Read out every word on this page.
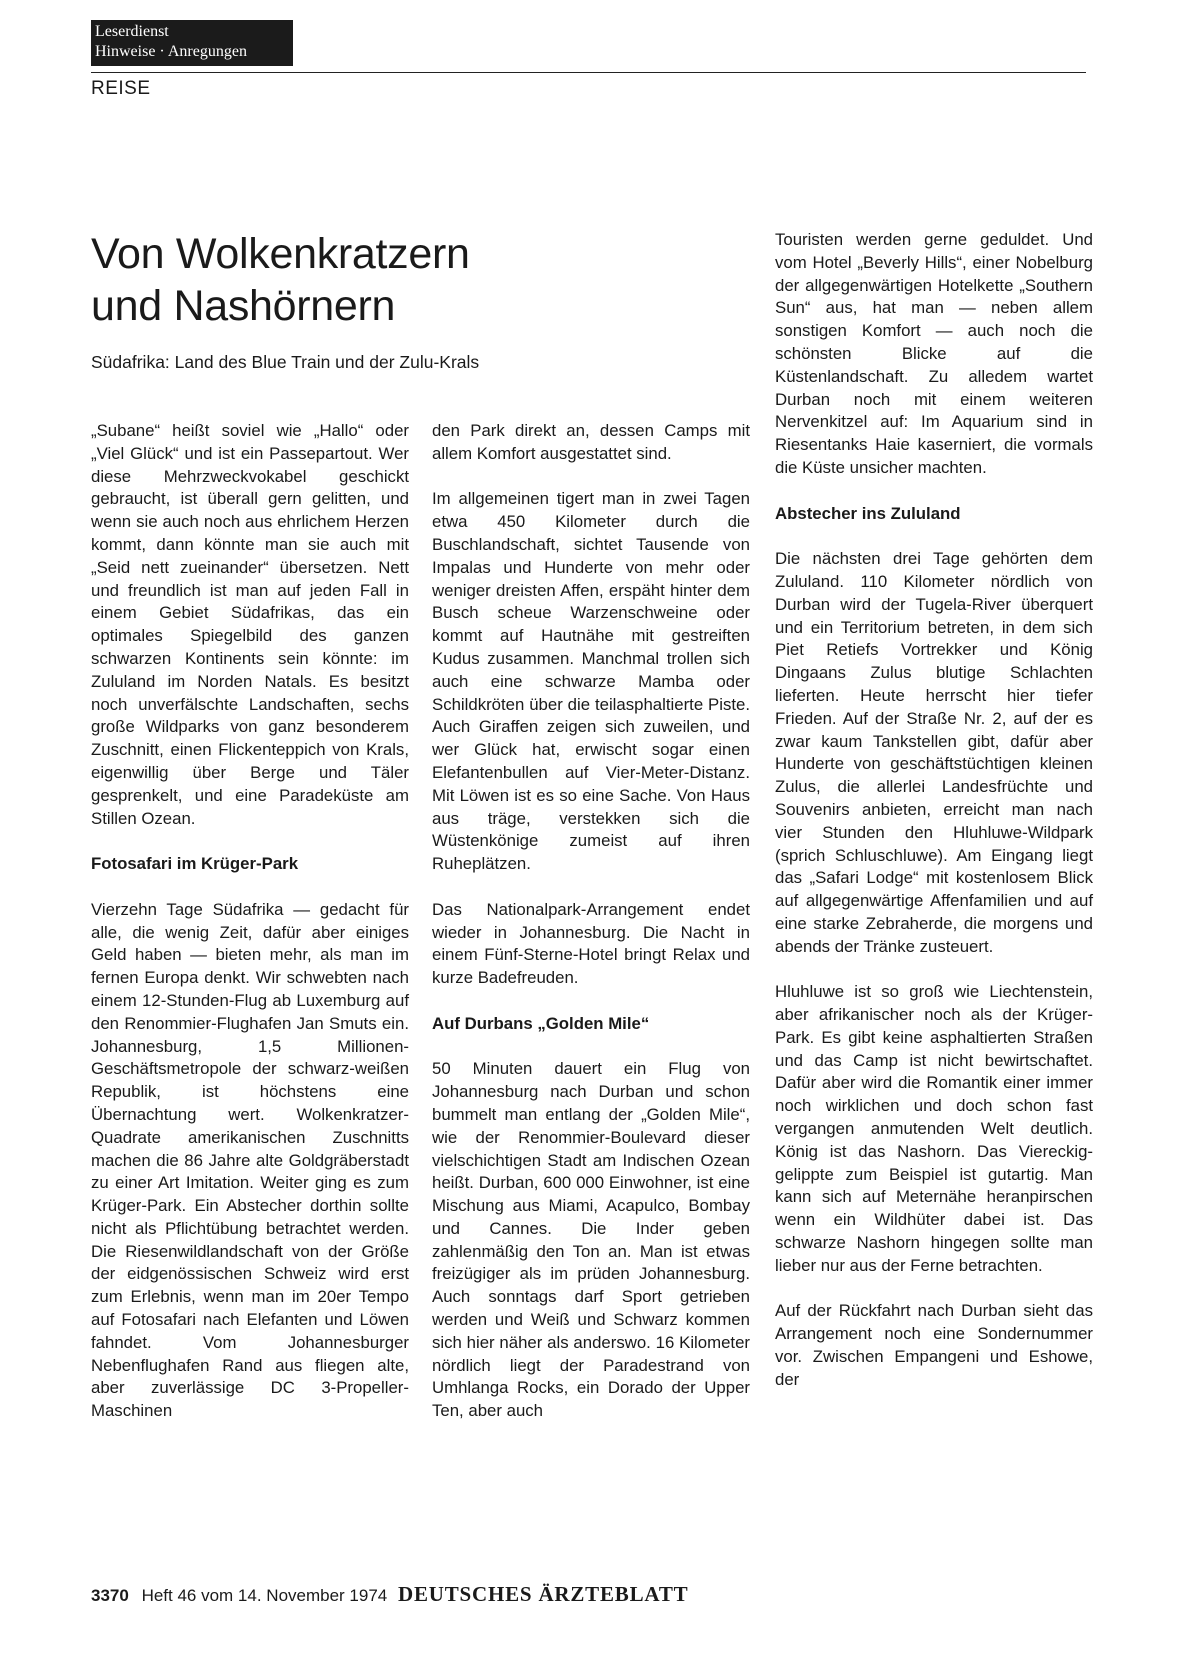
Leserdienst
Hinweise · Anregungen
REISE
Von Wolkenkratzern
und Nashörnern
Südafrika: Land des Blue Train und der Zulu-Krals

„Subane“ heißt soviel wie „Hallo“ oder „Viel Glück“ und ist ein Passepartout. Wer diese Mehrzweckvokabel geschickt gebraucht, ist überall gern gelitten, und wenn sie auch noch aus ehrlichem Herzen kommt, dann könnte man sie auch mit „Seid nett zueinander“ übersetzen. Nett und freundlich ist man auf jeden Fall in einem Gebiet Südafrikas, das ein optimales Spiegelbild des ganzen schwarzen Kontinents sein könnte: im Zululand im Norden Natals. Es besitzt noch unverfälschte Landschaften, sechs große Wildparks von ganz besonderem Zuschnitt, einen Flickenteppich von Krals, eigenwillig über Berge und Täler gesprenkelt, und eine Paradeküste am Stillen Ozean.

Fotosafari im Krüger-Park

Vierzehn Tage Südafrika — gedacht für alle, die wenig Zeit, dafür aber einiges Geld haben — bieten mehr, als man im fernen Europa denkt. Wir schwebten nach einem 12-Stunden-Flug ab Luxemburg auf den Renommier-Flughafen Jan Smuts ein. Johannesburg, 1,5 Millionen-Geschäftsmetropole der schwarz-weißen Republik, ist höchstens eine Übernachtung wert. Wolkenkratzer-Quadrate amerikanischen Zuschnitts machen die 86 Jahre alte Goldgräberstadt zu einer Art Imitation. Weiter ging es zum Krüger-Park. Ein Abstecher dorthin sollte nicht als Pflichtübung betrachtet werden. Die Riesenwildlandschaft von der Größe der eidgenössischen Schweiz wird erst zum Erlebnis, wenn man im 20er Tempo auf Fotosafari nach Elefanten und Löwen fahndet. Vom Johannesburger Nebenflughafen Rand aus fliegen alte, aber zuverlässige DC 3-Propeller-Maschinen

den Park direkt an, dessen Camps mit allem Komfort ausgestattet sind.

Im allgemeinen tigert man in zwei Tagen etwa 450 Kilometer durch die Buschlandschaft, sichtet Tausende von Impalas und Hunderte von mehr oder weniger dreisten Affen, erspäht hinter dem Busch scheue Warzenschweine oder kommt auf Hautnähe mit gestreiften Kudus zusammen. Manchmal trollen sich auch eine schwarze Mamba oder Schildkröten über die teilasphaltierte Piste. Auch Giraffen zeigen sich zuweilen, und wer Glück hat, erwischt sogar einen Elefantenbullen auf Vier-Meter-Distanz. Mit Löwen ist es so eine Sache. Von Haus aus träge, verstekken sich die Wüstenkönige zumeist auf ihren Ruheplätzen.

Das Nationalpark-Arrangement endet wieder in Johannesburg. Die Nacht in einem Fünf-Sterne-Hotel bringt Relax und kurze Badefreuden.

Auf Durbans „Golden Mile“

50 Minuten dauert ein Flug von Johannesburg nach Durban und schon bummelt man entlang der „Golden Mile“, wie der Renommier-Boulevard dieser vielschichtigen Stadt am Indischen Ozean heißt. Durban, 600 000 Einwohner, ist eine Mischung aus Miami, Acapulco, Bombay und Cannes. Die Inder geben zahlenmäßig den Ton an. Man ist etwas freizügiger als im prüden Johannesburg. Auch sonntags darf Sport getrieben werden und Weiß und Schwarz kommen sich hier näher als anderswo. 16 Kilometer nördlich liegt der Paradestrand von Umhlanga Rocks, ein Dorado der Upper Ten, aber auch

Touristen werden gerne geduldet. Und vom Hotel „Beverly Hills“, einer Nobelburg der allgegenwärtigen Hotelkette „Southern Sun“ aus, hat man — neben allem sonstigen Komfort — auch noch die schönsten Blicke auf die Küstenlandschaft. Zu alledem wartet Durban noch mit einem weiteren Nervenkitzel auf: Im Aquarium sind in Riesentanks Haie kaserniert, die vormals die Küste unsicher machten.

Abstecher ins Zululand

Die nächsten drei Tage gehörten dem Zululand. 110 Kilometer nördlich von Durban wird der Tugela-River überquert und ein Territorium betreten, in dem sich Piet Retiefs Vortrekker und König Dingaans Zulus blutige Schlachten lieferten. Heute herrscht hier tiefer Frieden. Auf der Straße Nr. 2, auf der es zwar kaum Tankstellen gibt, dafür aber Hunderte von geschäftstüchtigen kleinen Zulus, die allerlei Landesfrüchte und Souvenirs anbieten, erreicht man nach vier Stunden den Hluhluwe-Wildpark (sprich Schluschluwe). Am Eingang liegt das „Safari Lodge“ mit kostenlosem Blick auf allgegenwärtige Affenfamilien und auf eine starke Zebraherde, die morgens und abends der Tränke zusteuert.

Hluhluwe ist so groß wie Liechtenstein, aber afrikanischer noch als der Krüger-Park. Es gibt keine asphaltierten Straßen und das Camp ist nicht bewirtschaftet. Dafür aber wird die Romantik einer immer noch wirklichen und doch schon fast vergangen anmutenden Welt deutlich. König ist das Nashorn. Das Viereckig-gelippte zum Beispiel ist gutartig. Man kann sich auf Meternähe heranpirschen wenn ein Wildhüter dabei ist. Das schwarze Nashorn hingegen sollte man lieber nur aus der Ferne betrachten.

Auf der Rückfahrt nach Durban sieht das Arrangement noch eine Sondernummer vor. Zwischen Empangeni und Eshowe, der

3370 Heft 46 vom 14. November 1974 DEUTSCHES ÄRZTEBLATT
